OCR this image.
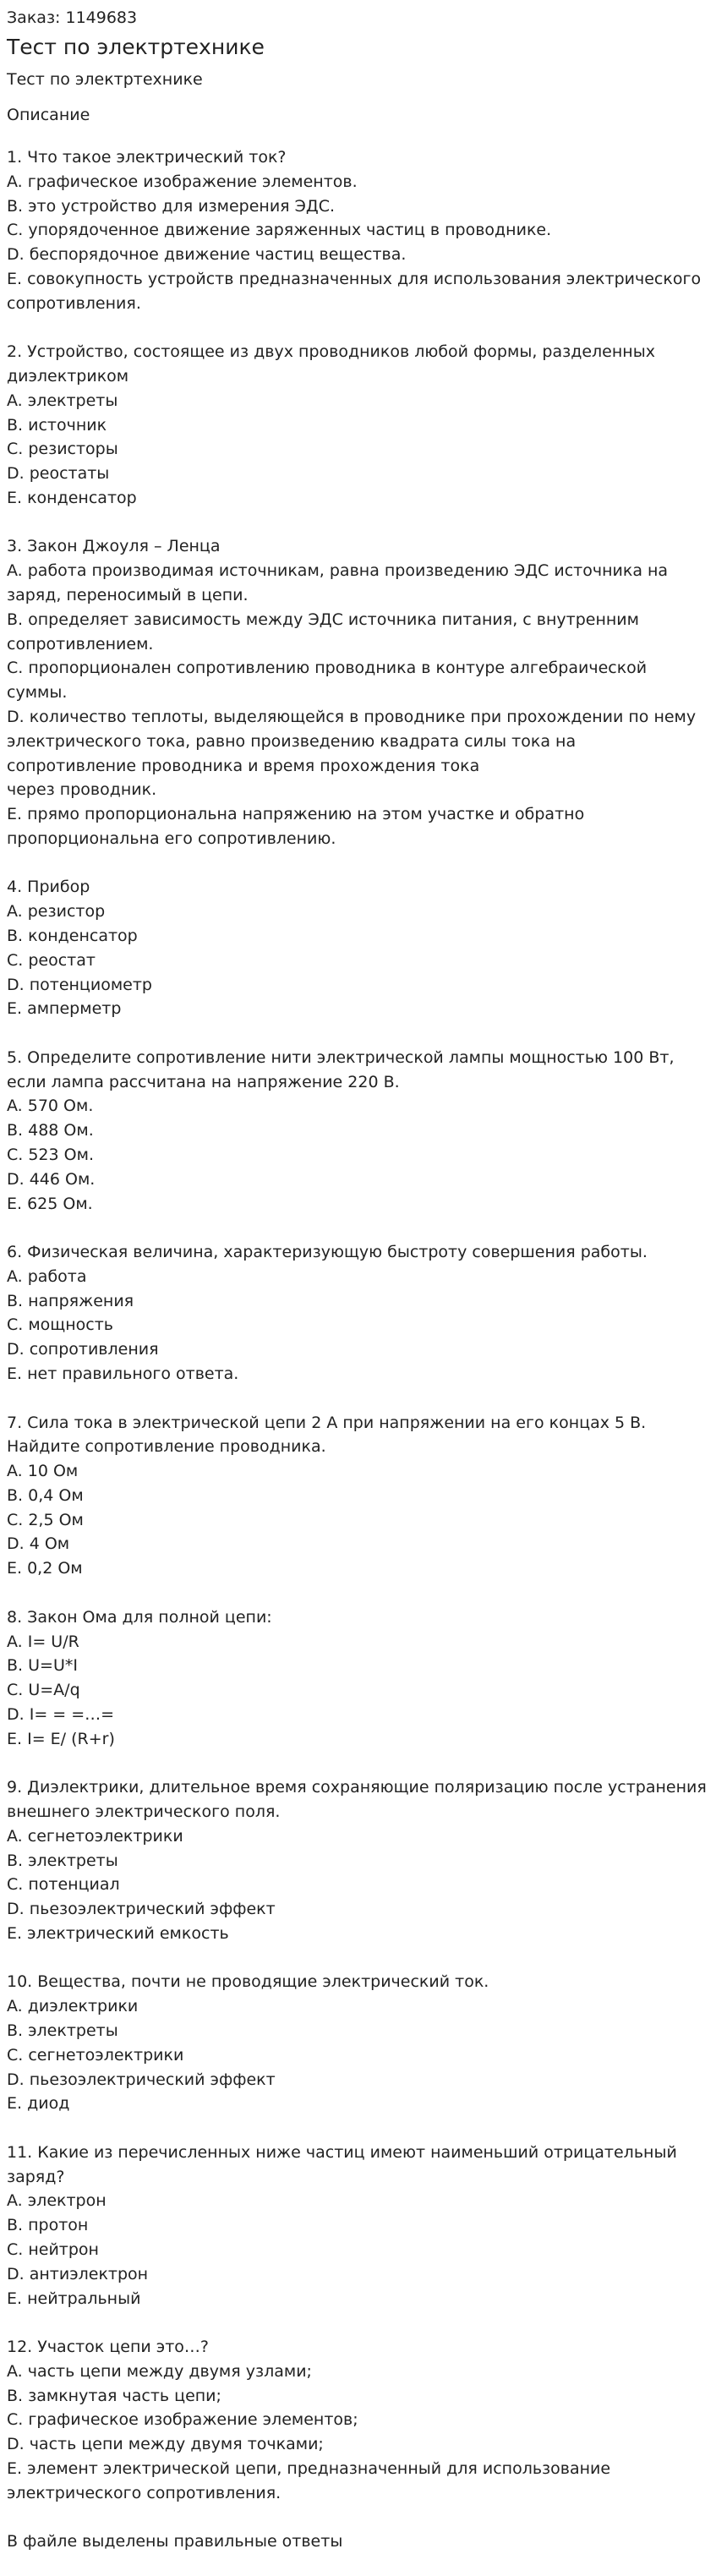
Заказ: 1149683
Тест по электртехнике
Тест по электртехнике
Описание
1. Что такое электрический ток?
A. графическое изображение элементов.
B. это устройство для измерения ЭДС.
C. упорядоченное движение заряженных частиц в проводнике.
D. беспорядочное движение частиц вещества.
E. совокупность устройств предназначенных для использования электрического
сопротивления.
2. Устройство, состоящее из двух проводников любой формы, разделенных
диэлектриком
A. электреты
B. источник
C. резисторы
D. реостаты
E. конденсатор
3. Закон Джоуля – Ленца
A. работа производимая источникам, равна произведению ЭДС источника на
заряд, переносимый в цепи.
B. определяет зависимость между ЭДС источника питания, с внутренним
сопротивлением.
C. пропорционален сопротивлению проводника в контуре алгебраической
суммы.
D. количество теплоты, выделяющейся в проводнике при прохождении по нему
электрического тока, равно произведению квадрата силы тока на
сопротивление проводника и время прохождения тока
через проводник.
E. прямо пропорциональна напряжению на этом участке и обратно
пропорциональна его сопротивлению.
4. Прибор
A. резистор
B. конденсатор
C. реостат
D. потенциометр
E. амперметр
5. Определите сопротивление нити электрической лампы мощностью 100 Вт,
если лампа рассчитана на напряжение 220 В.
A. 570 Ом.
B. 488 Ом.
C. 523 Ом.
D. 446 Ом.
E. 625 Ом.
6. Физическая величина, характеризующую быстроту совершения работы.
A. работа
B. напряжения
C. мощность
D. сопротивления
E. нет правильного ответа.
7. Сила тока в электрической цепи 2 А при напряжении на его концах 5 В.
Найдите сопротивление проводника.
A. 10 Ом
B. 0,4 Ом
C. 2,5 Ом
D. 4 Ом
E. 0,2 Ом
8. Закон Ома для полной цепи:
A. I= U/R
B. U=U*I
C. U=A/q
D. I= = =…=
E. I= E/ (R+r)
9. Диэлектрики, длительное время сохраняющие поляризацию после устранения
внешнего электрического поля.
A. сегнетоэлектрики
B. электреты
C. потенциал
D. пьезоэлектрический эффект
E. электрический емкость
10. Вещества, почти не проводящие электрический ток.
A. диэлектрики
B. электреты
C. сегнетоэлектрики
D. пьезоэлектрический эффект
E. диод
11. Какие из перечисленных ниже частиц имеют наименьший отрицательный
заряд?
A. электрон
B. протон
C. нейтрон
D. антиэлектрон
E. нейтральный
12. Участок цепи это…?
A. часть цепи между двумя узлами;
B. замкнутая часть цепи;
C. графическое изображение элементов;
D. часть цепи между двумя точками;
E. элемент электрической цепи, предназначенный для использование
электрического сопротивления.
В файле выделены правильные ответы
